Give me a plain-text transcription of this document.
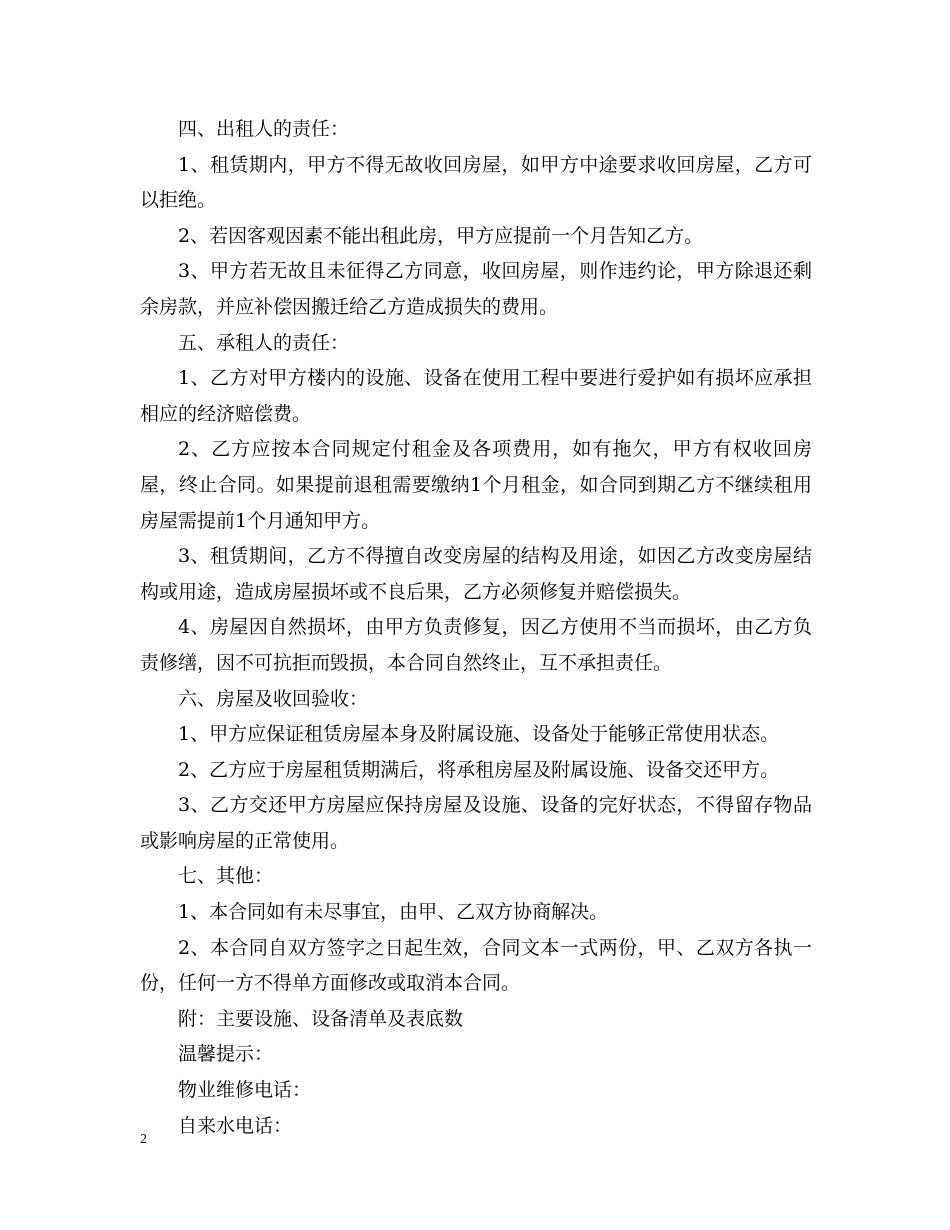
四、出租人的责任：

1、租赁期内，甲方不得无故收回房屋，如甲方中途要求收回房屋，乙方可以拒绝。

2、若因客观因素不能出租此房，甲方应提前一个月告知乙方。

3、甲方若无故且未征得乙方同意，收回房屋，则作违约论，甲方除退还剩余房款，并应补偿因搬迁给乙方造成损失的费用。

五、承租人的责任：

1、乙方对甲方楼内的设施、设备在使用工程中要进行爱护如有损坏应承担相应的经济赔偿费。

2、乙方应按本合同规定付租金及各项费用，如有拖欠，甲方有权收回房屋，终止合同。如果提前退租需要缴纳1个月租金，如合同到期乙方不继续租用房屋需提前1个月通知甲方。

3、租赁期间，乙方不得擅自改变房屋的结构及用途，如因乙方改变房屋结构或用途，造成房屋损坏或不良后果，乙方必须修复并赔偿损失。

4、房屋因自然损坏，由甲方负责修复，因乙方使用不当而损坏，由乙方负责修缮，因不可抗拒而毁损，本合同自然终止，互不承担责任。

六、房屋及收回验收：

1、甲方应保证租赁房屋本身及附属设施、设备处于能够正常使用状态。

2、乙方应于房屋租赁期满后，将承租房屋及附属设施、设备交还甲方。

3、乙方交还甲方房屋应保持房屋及设施、设备的完好状态，不得留存物品或影响房屋的正常使用。

七、其他：

1、本合同如有未尽事宜，由甲、乙双方协商解决。

2、本合同自双方签字之日起生效，合同文本一式两份，甲、乙双方各执一份，任何一方不得单方面修改或取消本合同。

附：主要设施、设备清单及表底数

温馨提示：

物业维修电话：

自来水电话：

2
